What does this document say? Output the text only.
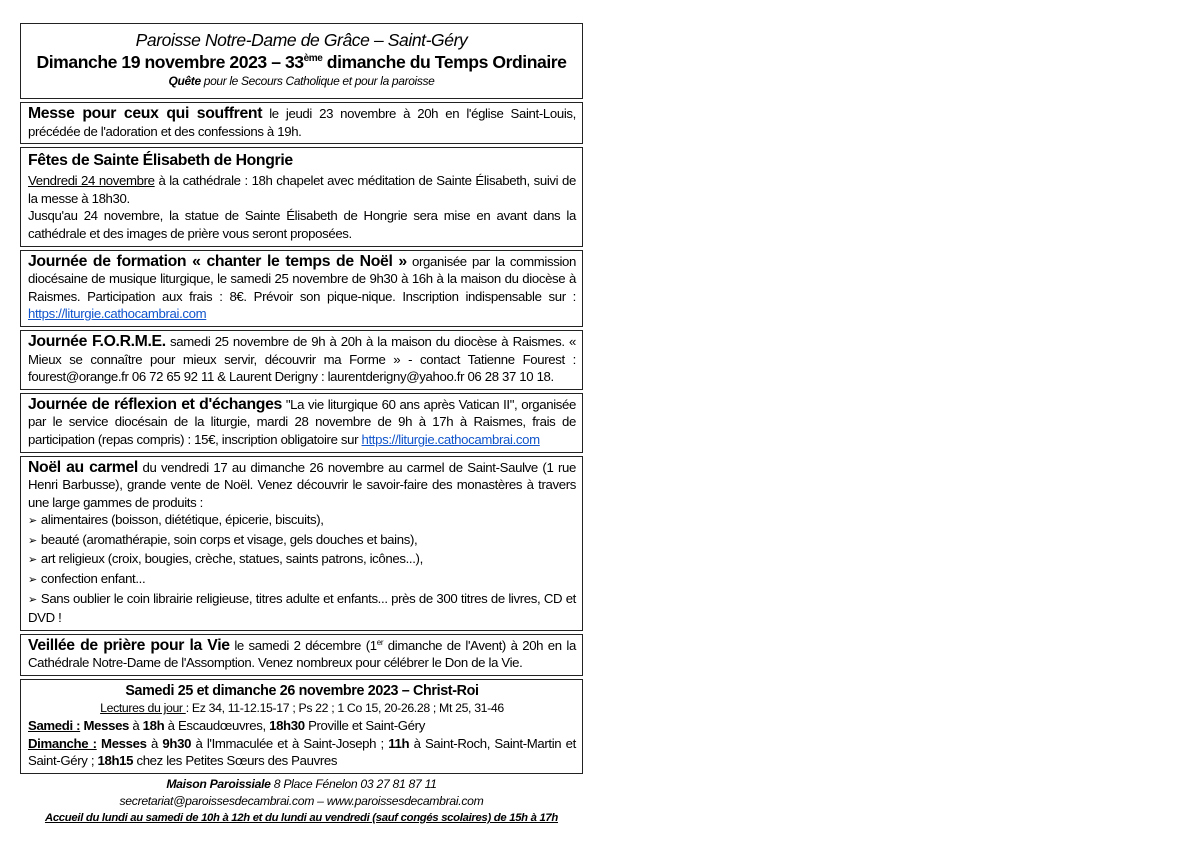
Paroisse Notre-Dame de Grâce – Saint-Géry
Dimanche 19 novembre 2023 – 33ème dimanche du Temps Ordinaire
Quête pour le Secours Catholique et pour la paroisse
Messe pour ceux qui souffrent le jeudi 23 novembre à 20h en l'église Saint-Louis, précédée de l'adoration et des confessions à 19h.
Fêtes de Sainte Élisabeth de Hongrie
Vendredi 24 novembre à la cathédrale : 18h chapelet avec méditation de Sainte Élisabeth, suivi de la messe à 18h30.
Jusqu'au 24 novembre, la statue de Sainte Élisabeth de Hongrie sera mise en avant dans la cathédrale et des images de prière vous seront proposées.
Journée de formation « chanter le temps de Noël » organisée par la commission diocésaine de musique liturgique, le samedi 25 novembre de 9h30 à 16h à la maison du diocèse à Raismes. Participation aux frais : 8€. Prévoir son pique-nique. Inscription indispensable sur : https://liturgie.cathocambrai.com
Journée F.O.R.M.E. samedi 25 novembre de 9h à 20h à la maison du diocèse à Raismes. « Mieux se connaître pour mieux servir, découvrir ma Forme » - contact Tatienne Fourest : fourest@orange.fr 06 72 65 92 11 & Laurent Derigny : laurentderigny@yahoo.fr 06 28 37 10 18.
Journée de réflexion et d'échanges "La vie liturgique 60 ans après Vatican II", organisée par le service diocésain de la liturgie, mardi 28 novembre de 9h à 17h à Raismes, frais de participation (repas compris) : 15€, inscription obligatoire sur https://liturgie.cathocambrai.com
Noël au carmel du vendredi 17 au dimanche 26 novembre au carmel de Saint-Saulve (1 rue Henri Barbusse), grande vente de Noël. Venez découvrir le savoir-faire des monastères à travers une large gammes de produits :
➢ alimentaires (boisson, diététique, épicerie, biscuits),
➢ beauté (aromathérapie, soin corps et visage, gels douches et bains),
➢ art religieux (croix, bougies, crèche, statues, saints patrons, icônes...),
➢ confection enfant...
➢ Sans oublier le coin librairie religieuse, titres adulte et enfants... près de 300 titres de livres, CD et DVD !
Veillée de prière pour la Vie le samedi 2 décembre (1er dimanche de l'Avent) à 20h en la Cathédrale Notre-Dame de l'Assomption. Venez nombreux pour célébrer le Don de la Vie.
Samedi 25 et dimanche 26 novembre 2023 – Christ-Roi
Lectures du jour : Ez 34, 11-12.15-17 ; Ps 22 ; 1 Co 15, 20-26.28 ; Mt 25, 31-46
Samedi : Messes à 18h à Escaudœuvres, 18h30 Proville et Saint-Géry
Dimanche : Messes à 9h30 à l'Immaculée et à Saint-Joseph ; 11h à Saint-Roch, Saint-Martin et Saint-Géry ; 18h15 chez les Petites Sœurs des Pauvres
Maison Paroissiale 8 Place Fénelon 03 27 81 87 11
secretariat@paroissesdecambrai.com – www.paroissesdecambrai.com
Accueil du lundi au samedi de 10h à 12h et du lundi au vendredi (sauf congés scolaires) de 15h à 17h
